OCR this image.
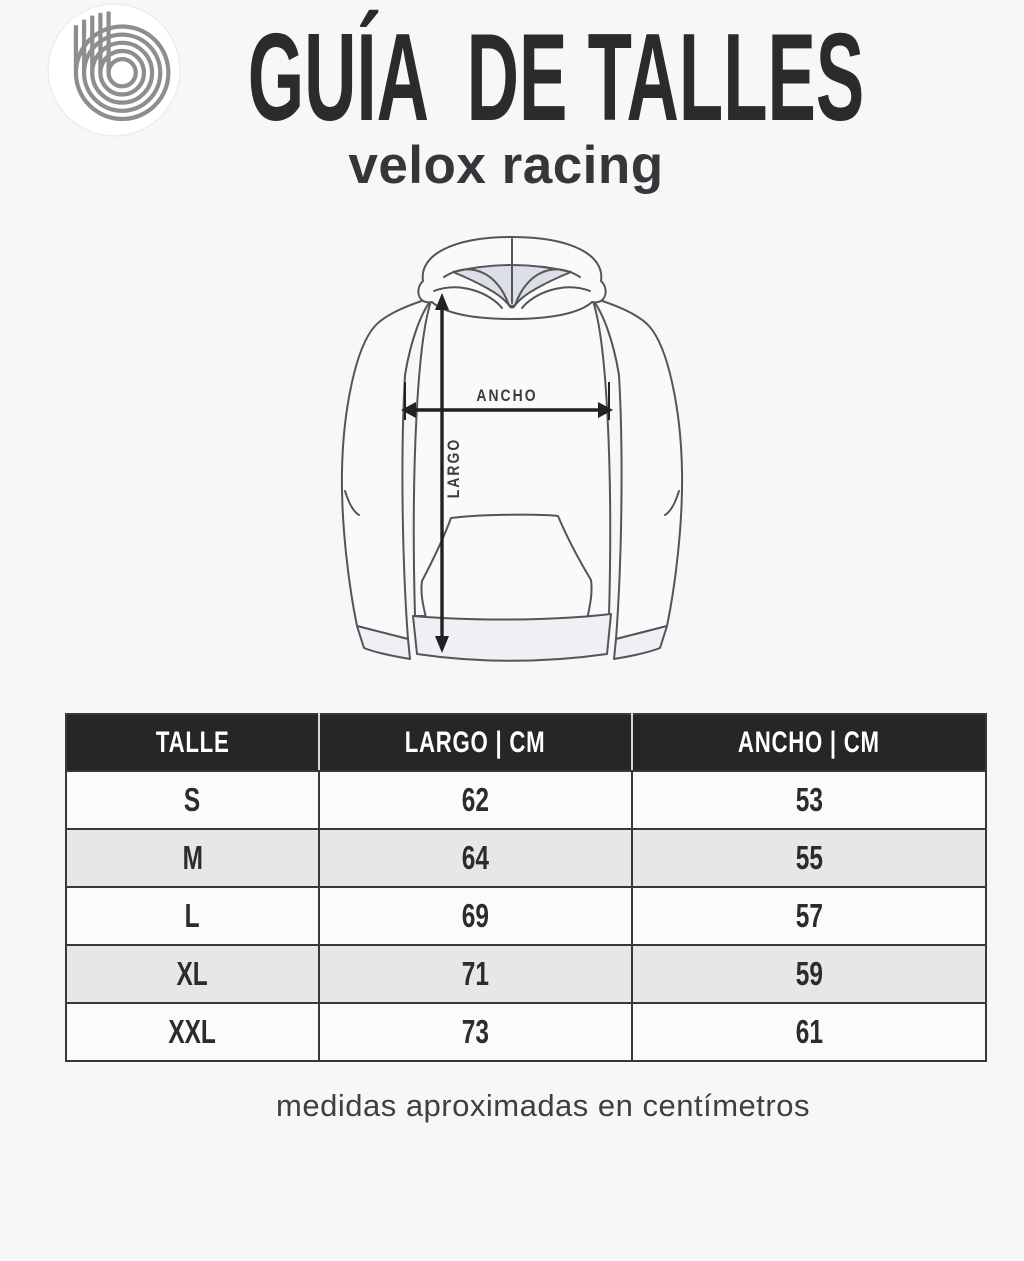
GUÍA  DE TALLES
velox racing
ANCHO
LARGO
TALLE	LARGO | CM	ANCHO | CM
S	62	53
M	64	55
L	69	57
XL	71	59
XXL	73	61
medidas aproximadas en centímetros
